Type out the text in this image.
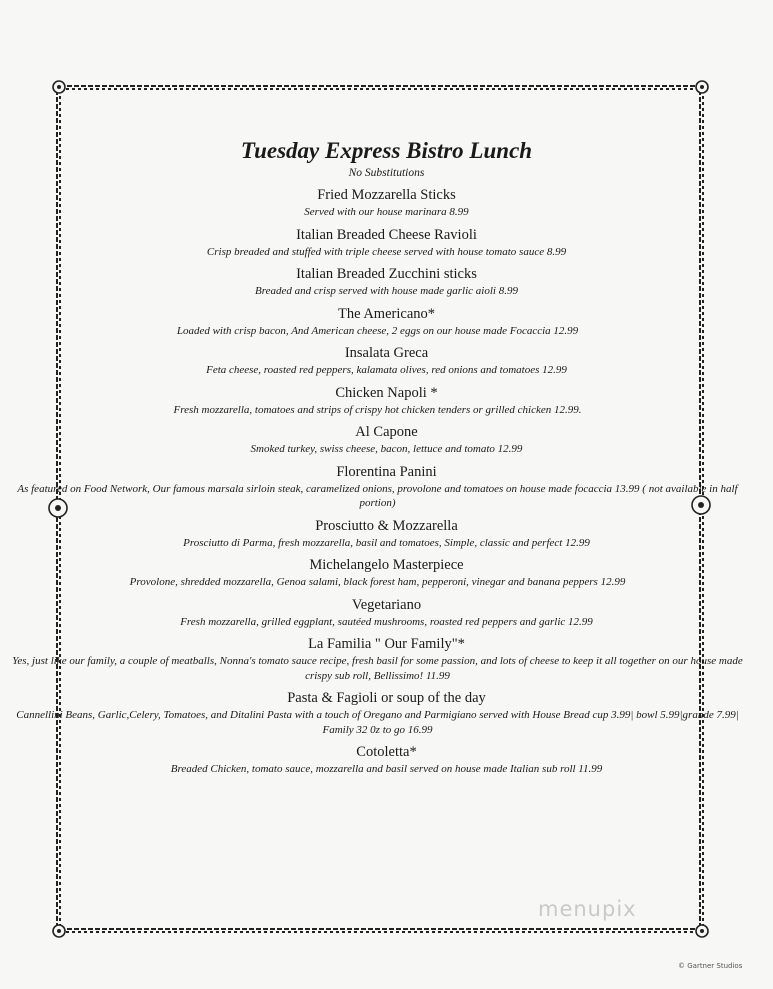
Tuesday Express Bistro Lunch

No Substitutions

Fried Mozzarella Sticks

Served with our house marinara 8.99

Italian Breaded Cheese Ravioli

Crisp breaded and stuffed with triple cheese served with house tomato sauce 8.99

Italian Breaded Zucchini sticks

Breaded and crisp served with house made garlic aioli 8.99

The Americano*

Loaded with crisp bacon, And American cheese, 2 eggs on our house made Focaccia 12.99

Insalata Greca

Feta cheese, roasted red peppers, kalamata olives, red onions and tomatoes 12.99

Chicken Napoli *

Fresh mozzarella, tomatoes and strips of crispy hot chicken tenders or grilled chicken 12.99.

Al Capone

Smoked turkey, swiss cheese, bacon, lettuce and tomato 12.99

Florentina Panini

As featured on Food Network, Our famous marsala sirloin steak, caramelized onions, provolone and tomatoes on house made focaccia 13.99 ( not available in half portion)

Prosciutto & Mozzarella

Prosciutto di Parma, fresh mozzarella, basil and tomatoes, Simple, classic and perfect 12.99

Michelangelo Masterpiece

Provolone, shredded mozzarella, Genoa salami, black forest ham, pepperoni, vinegar and banana peppers 12.99

Vegetariano

Fresh mozzarella, grilled eggplant, sautéed mushrooms, roasted red peppers and garlic 12.99

La Familia " Our Family"*

Yes, just like our family, a couple of meatballs, Nonna's tomato sauce recipe, fresh basil for some passion, and lots of cheese to keep it all together on our house made crispy sub roll, Bellissimo! 11.99

Pasta & Fagioli or soup of the day

Cannellini Beans, Garlic,Celery, Tomatoes, and Ditalini Pasta with a touch of Oregano and Parmigiano served with House Bread cup 3.99| bowl 5.99|grande 7.99| Family 32 0z to go 16.99

Cotoletta*

Breaded Chicken, tomato sauce, mozzarella and basil served on house made Italian sub roll 11.99

menupix
© Gartner Studios
